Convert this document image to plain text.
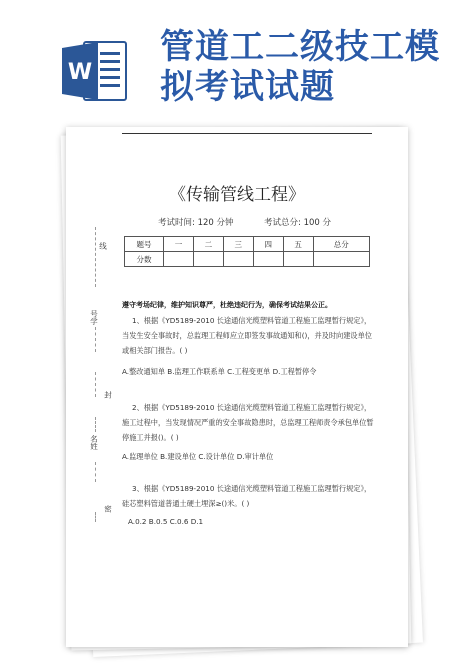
W
管道工二级技工模
拟考试试题
线
号学
封
名姓
密
《传输管线工程》
考试时间: 120 分钟	考试总分: 100 分
题号	一	二	三	四	五	总分
分数						
遵守考场纪律，维护知识尊严，杜绝违纪行为，确保考试结果公正。
1、根据《YD5189-2010 长途通信光缆塑料管道工程施工监理暂行规定》，当发生安全事故时，总监理工程师应立即签发事故通知和()，并及时向建设单位或相关部门报告。( )
A.整改通知单 B.监理工作联系单 C.工程变更单 D.工程暂停令
2、根据《YD5189-2010 长途通信光缆塑料管道工程施工监理暂行规定》，施工过程中，当发现情况严重的安全事故隐患时，总监理工程师责令承包单位暂停施工并报()。( )
A.监理单位 B.建设单位 C.设计单位 D.审计单位
3、根据《YD5189-2010 长途通信光缆塑料管道工程施工监理暂行规定》，硅芯塑料管道普通土硬土埋深≥()米。( )
A.0.2 B.0.5 C.0.6 D.1
